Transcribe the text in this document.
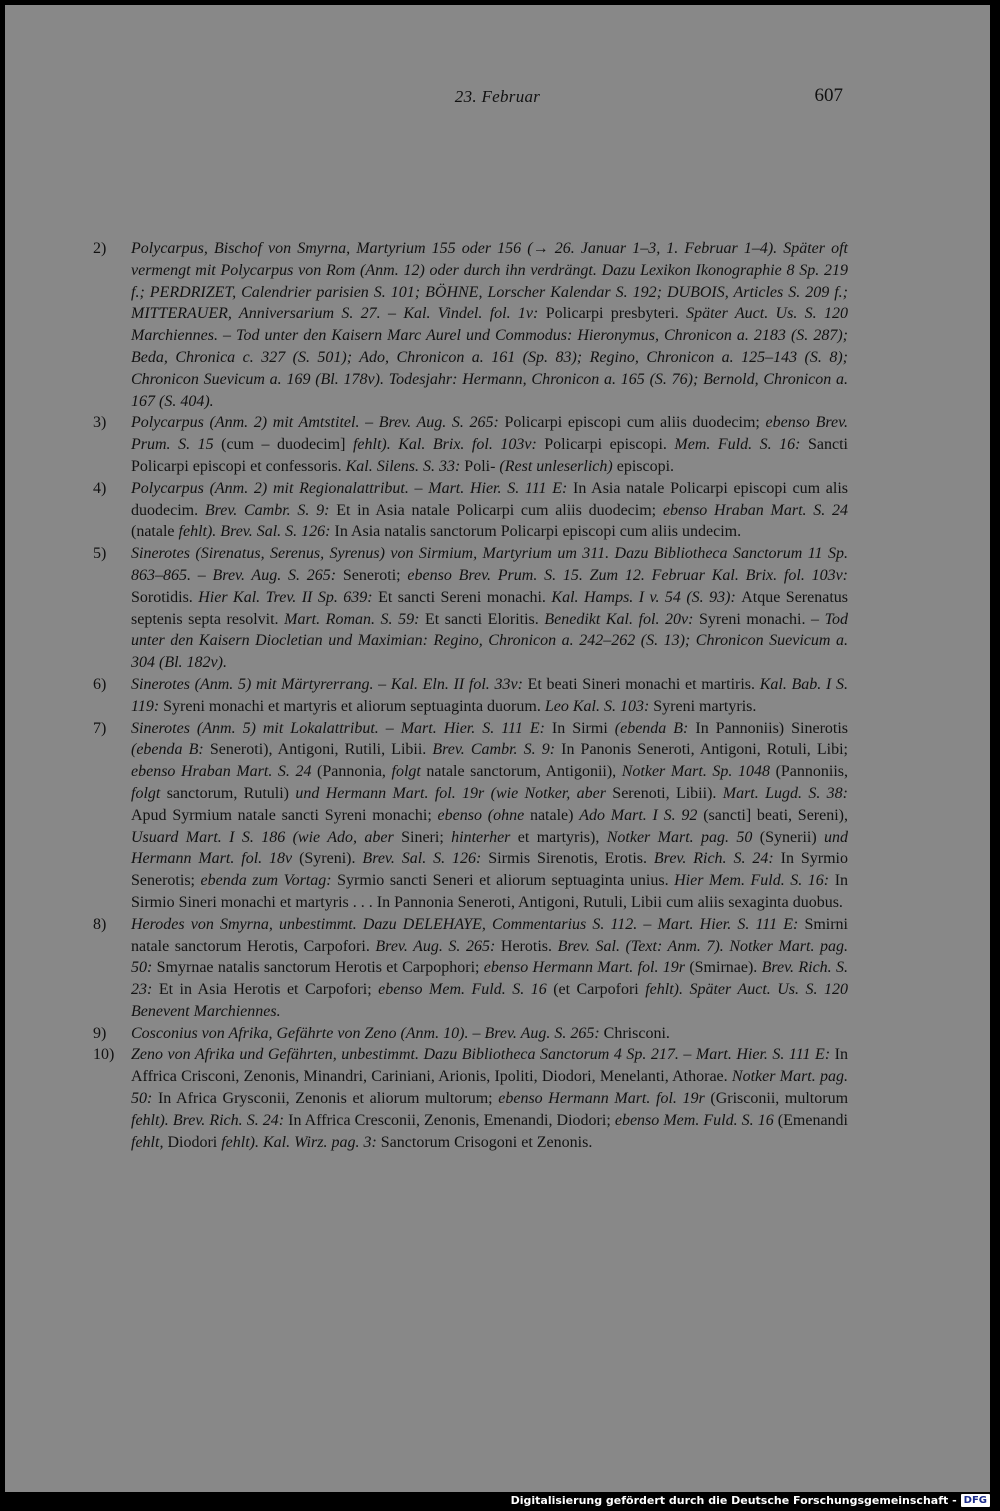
23. Februar	607
2) Polycarpus, Bischof von Smyrna, Martyrium 155 oder 156 (→ 26. Januar 1–3, 1. Februar 1–4). Später oft vermengt mit Polycarpus von Rom (Anm. 12) oder durch ihn verdrängt. Dazu Lexikon Ikonographie 8 Sp. 219 f.; PERDRIZET, Calendrier parisien S. 101; BÖHNE, Lorscher Kalendar S. 192; DUBOIS, Articles S. 209 f.; MITTERAUER, Anniversarium S. 27. – Kal. Vindel. fol. 1v: Policarpi presbyteri. Später Auct. Us. S. 120 Marchiennes. – Tod unter den Kaisern Marc Aurel und Commodus: Hieronymus, Chronicon a. 2183 (S. 287); Beda, Chronica c. 327 (S. 501); Ado, Chronicon a. 161 (Sp. 83); Regino, Chronicon a. 125–143 (S. 8); Chronicon Suevicum a. 169 (Bl. 178v). Todesjahr: Hermann, Chronicon a. 165 (S. 76); Bernold, Chronicon a. 167 (S. 404).
3) Polycarpus (Anm. 2) mit Amtstitel. – Brev. Aug. S. 265: Policarpi episcopi cum aliis duodecim; ebenso Brev. Prum. S. 15 (cum – duodecim] fehlt). Kal. Brix. fol. 103v: Policarpi episcopi. Mem. Fuld. S. 16: Sancti Policarpi episcopi et confessoris. Kal. Silens. S. 33: Poli- (Rest unleserlich) episcopi.
4) Polycarpus (Anm. 2) mit Regionalattribut. – Mart. Hier. S. 111 E: In Asia natale Policarpi episcopi cum alis duodecim. Brev. Cambr. S. 9: Et in Asia natale Policarpi cum aliis duodecim; ebenso Hraban Mart. S. 24 (natale fehlt). Brev. Sal. S. 126: In Asia natalis sanctorum Policarpi episcopi cum aliis undecim.
5) Sinerotes (Sirenatus, Serenus, Syrenus) von Sirmium, Martyrium um 311. Dazu Bibliotheca Sanctorum 11 Sp. 863–865. – Brev. Aug. S. 265: Seneroti; ebenso Brev. Prum. S. 15. Zum 12. Februar Kal. Brix. fol. 103v: Sorotidis. Hier Kal. Trev. II Sp. 639: Et sancti Sereni monachi. Kal. Hamps. I v. 54 (S. 93): Atque Serenatus septenis septa resolvit. Mart. Roman. S. 59: Et sancti Eloritis. Benedikt Kal. fol. 20v: Syreni monachi. – Tod unter den Kaisern Diocletian und Maximian: Regino, Chronicon a. 242–262 (S. 13); Chronicon Suevicum a. 304 (Bl. 182v).
6) Sinerotes (Anm. 5) mit Märtyrerrang. – Kal. Eln. II fol. 33v: Et beati Sineri monachi et martiris. Kal. Bab. I S. 119: Syreni monachi et martyris et aliorum septuaginta duorum. Leo Kal. S. 103: Syreni martyris.
7) Sinerotes (Anm. 5) mit Lokalattribut. – Mart. Hier. S. 111 E: In Sirmi (ebenda B: In Pannoniis) Sinerotis (ebenda B: Seneroti), Antigoni, Rutili, Libii. Brev. Cambr. S. 9: In Panonis Seneroti, Antigoni, Rotuli, Libi; ebenso Hraban Mart. S. 24 (Pannonia, folgt natale sanctorum, Antigonii), Notker Mart. Sp. 1048 (Pannoniis, folgt sanctorum, Rutuli) und Hermann Mart. fol. 19r (wie Notker, aber Serenoti, Libii). Mart. Lugd. S. 38: Apud Syrmium natale sancti Syreni monachi; ebenso (ohne natale) Ado Mart. I S. 92 (sancti] beati, Sereni), Usuard Mart. I S. 186 (wie Ado, aber Sineri; hinterher et martyris), Notker Mart. pag. 50 (Synerii) und Hermann Mart. fol. 18v (Syreni). Brev. Sal. S. 126: Sirmis Sirenotis, Erotis. Brev. Rich. S. 24: In Syrmio Senerotis; ebenda zum Vortag: Syrmio sancti Seneri et aliorum septuaginta unius. Hier Mem. Fuld. S. 16: In Sirmio Sineri monachi et martyris . . . In Pannonia Seneroti, Antigoni, Rutuli, Libii cum aliis sexaginta duobus.
8) Herodes von Smyrna, unbestimmt. Dazu DELEHAYE, Commentarius S. 112. – Mart. Hier. S. 111 E: Smirni natale sanctorum Herotis, Carpofori. Brev. Aug. S. 265: Herotis. Brev. Sal. (Text: Anm. 7). Notker Mart. pag. 50: Smyrnae natalis sanctorum Herotis et Carpophori; ebenso Hermann Mart. fol. 19r (Smirnae). Brev. Rich. S. 23: Et in Asia Herotis et Carpofori; ebenso Mem. Fuld. S. 16 (et Carpofori fehlt). Später Auct. Us. S. 120 Benevent Marchiennes.
9) Cosconius von Afrika, Gefährte von Zeno (Anm. 10). – Brev. Aug. S. 265: Chrisconi.
10) Zeno von Afrika und Gefährten, unbestimmt. Dazu Bibliotheca Sanctorum 4 Sp. 217. – Mart. Hier. S. 111 E: In Affrica Crisconi, Zenonis, Minandri, Cariniani, Arionis, Ipoliti, Diodori, Menelanti, Athorae. Notker Mart. pag. 50: In Africa Grysconii, Zenonis et aliorum multorum; ebenso Hermann Mart. fol. 19r (Grisconii, multorum fehlt). Brev. Rich. S. 24: In Affrica Cresconii, Zenonis, Emenandi, Diodori; ebenso Mem. Fuld. S. 16 (Emenandi fehlt, Diodori fehlt). Kal. Wirz. pag. 3: Sanctorum Crisogoni et Zenonis.
Digitalisierung gefördert durch die Deutsche Forschungsgemeinschaft - DFG
